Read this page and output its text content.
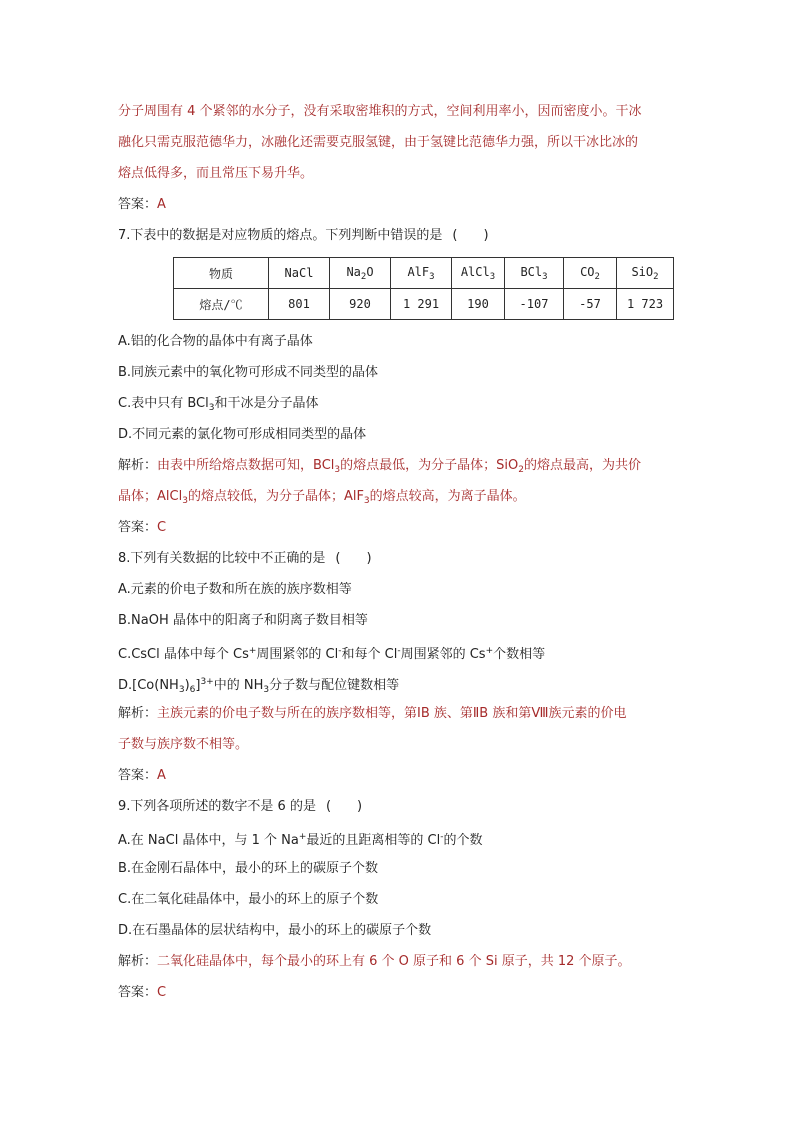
分子周围有 4 个紧邻的水分子，没有采取密堆积的方式，空间利用率小，因而密度小。干冰
融化只需克服范德华力，冰融化还需要克服氢键，由于氢键比范德华力强，所以干冰比冰的
熔点低得多，而且常压下易升华。
答案：A
7.下表中的数据是对应物质的熔点。下列判断中错误的是 (　　)
物质	NaCl	$Na_2O$	AlF$_3$	AlCl$_3$	BCl$_3$	$CO_2$	SiO$_2$
熔点/℃	801	920	1 291	190	-107	-57	1 723
A.铝的化合物的晶体中有离子晶体
B.同族元素中的氧化物可形成不同类型的晶体
C.表中只有 BCl$_3$和干冰是分子晶体
D.不同元素的氯化物可形成相同类型的晶体
解析：由表中所给熔点数据可知，BCl$_3$的熔点最低，为分子晶体；SiO$_2$的熔点最高，为共价
晶体；AlCl$_3$的熔点较低，为分子晶体；AlF$_3$的熔点较高，为离子晶体。
答案：C
8.下列有关数据的比较中不正确的是 (　　)
A.元素的价电子数和所在族的族序数相等
B.NaOH 晶体中的阳离子和阴离子数目相等
C.CsCl 晶体中每个 Cs+周围紧邻的 Cl-和每个 Cl-周围紧邻的 Cs+个数相等
$D.[Co(NH_3)_6]^{3+}$中的 $NH_3$分子数与配位键数相等
解析：主族元素的价电子数与所在的族序数相等，第ⅠB 族、第ⅡB 族和第Ⅷ族元素的价电
子数与族序数不相等。
答案：A
9.下列各项所述的数字不是 6 的是 (　　)
A.在 NaCl 晶体中，与 1 个 Na+最近的且距离相等的 Cl-的个数
B.在金刚石晶体中，最小的环上的碳原子个数
C.在二氧化硅晶体中，最小的环上的原子个数
D.在石墨晶体的层状结构中，最小的环上的碳原子个数
解析：二氧化硅晶体中，每个最小的环上有 6 个 O 原子和 6 个 Si 原子，共 12 个原子。
答案：C
